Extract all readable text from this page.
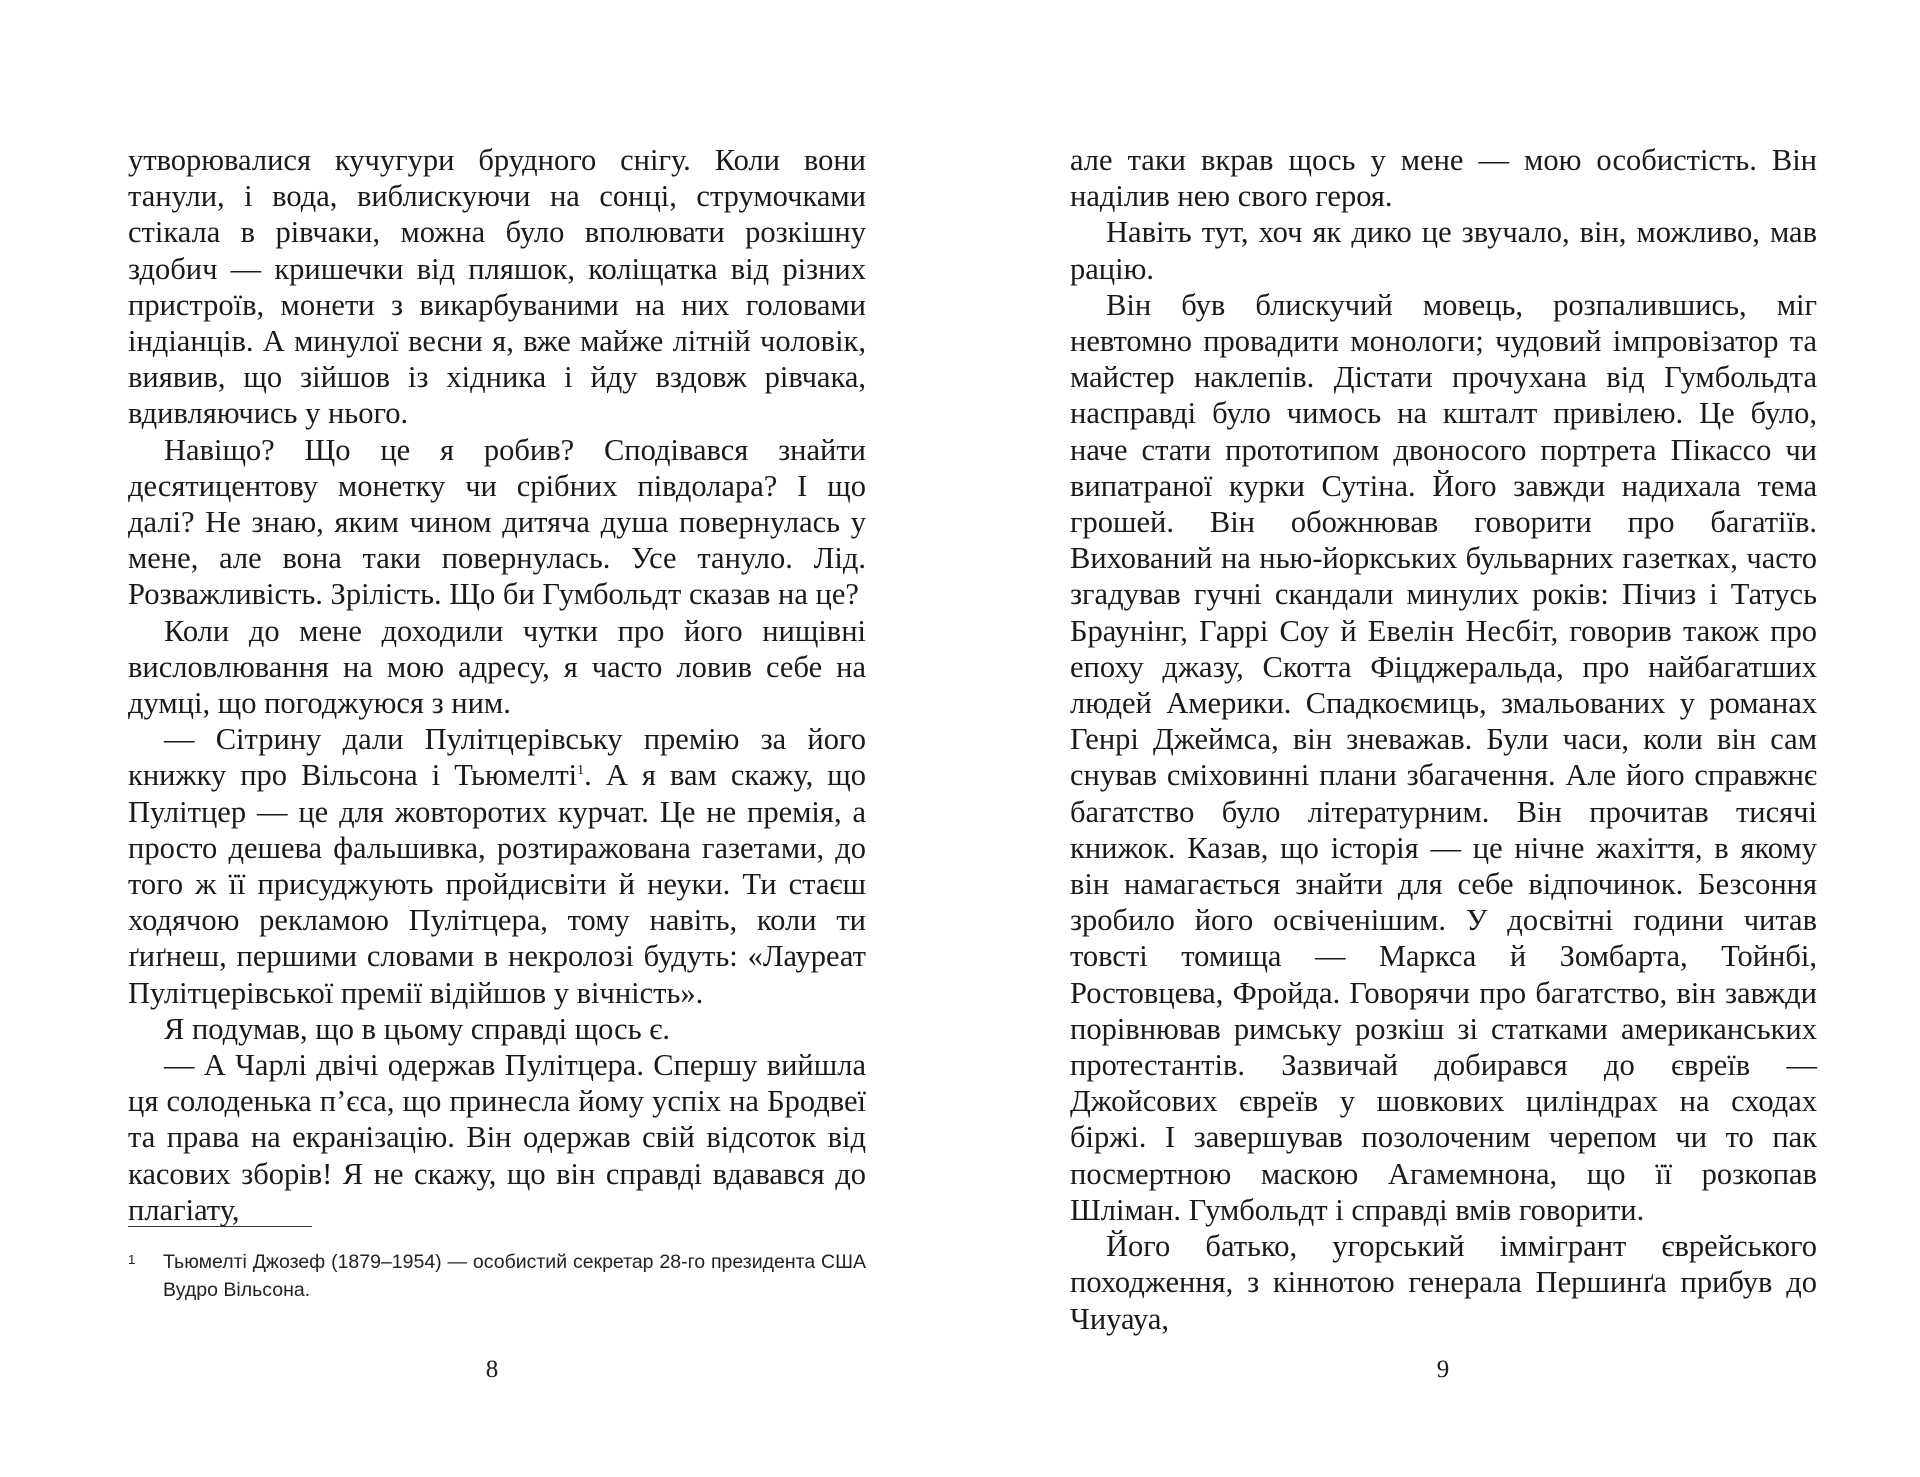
утворювалися кучугури брудного снігу. Коли вони танули, і вода, виблискуючи на сонці, струмочками стікала в рівчаки, можна було вполювати розкішну здобич — кришечки від пляшок, коліщатка від різних пристроїв, монети з викарбуваними на них головами індіанців. А минулої весни я, вже майже літній чоловік, виявив, що зійшов із хідника і йду вздовж рівчака, вдивляючись у нього.

Навіщо? Що це я робив? Сподівався знайти десятицентову монетку чи срібних півдолара? І що далі? Не знаю, яким чином дитяча душа повернулась у мене, але вона таки повернулась. Усе тануло. Лід. Розважливість. Зрілість. Що би Гумбольдт сказав на це?

Коли до мене доходили чутки про його нищівні висловлювання на мою адресу, я часто ловив себе на думці, що погоджуюся з ним.

— Сітрину дали Пулітцерівську премію за його книжку про Вільсона і Тьюмелті$^1$. А я вам скажу, що Пулітцер — це для жовторотих курчат. Це не премія, а просто дешева фальшивка, розтиражована газетами, до того ж її присуджують пройдисвіти й неуки. Ти стаєш ходячою рекламою Пулітцера, тому навіть, коли ти ґиґнеш, першими словами в некролозі будуть: «Лауреат Пулітцерівської премії відійшов у вічність».

Я подумав, що в цьому справді щось є.

— А Чарлі двічі одержав Пулітцера. Спершу вийшла ця солоденька п’єса, що принесла йому успіх на Бродвеї та права на екранізацію. Він одержав свій відсоток від касових зборів! Я не скажу, що він справді вдавався до плагіату,

1 Тьюмелті Джозеф (1879–1954) — особистий секретар 28-го президента США Вудро Вільсона.
8

але таки вкрав щось у мене — мою особистість. Він наділив нею свого героя.

Навіть тут, хоч як дико це звучало, він, можливо, мав рацію.

Він був блискучий мовець, розпалившись, міг невтомно провадити монологи; чудовий імпровізатор та майстер наклепів. Дістати прочухана від Гумбольдта насправді було чимось на кшталт привілею. Це було, наче стати прототипом двоносого портрета Пікассо чи випатраної курки Сутіна. Його завжди надихала тема грошей. Він обожнював говорити про багатіїв. Вихований на нью-йоркських бульварних газетках, часто згадував гучні скандали минулих років: Пічиз і Татусь Браунінг, Гаррі Соу й Евелін Несбіт, говорив також про епоху джазу, Скотта Фіцджеральда, про найбагатших людей Америки. Спадкоємиць, змальованих у романах Генрі Джеймса, він зневажав. Були часи, коли він сам снував сміховинні плани збагачення. Але його справжнє багатство було літературним. Він прочитав тисячі книжок. Казав, що історія — це нічне жахіття, в якому він намагається знайти для себе відпочинок. Безсоння зробило його освіченішим. У досвітні години читав товсті томища — Маркса й Зомбарта, Тойнбі, Ростовцева, Фройда. Говорячи про багатство, він завжди порівнював римську розкіш зі статками американських протестантів. Зазвичай добирався до євреїв — Джойсових євреїв у шовкових циліндрах на сходах біржі. І завершував позолоченим черепом чи то пак посмертною маскою Агамемнона, що її розкопав Шліман. Гумбольдт і справді вмів говорити.

Його батько, угорський іммігрант єврейського походження, з кіннотою генерала Першинґа прибув до Чиуауа,

9
